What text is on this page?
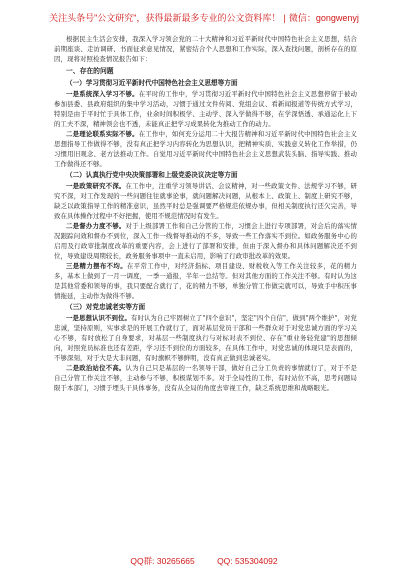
关注头条号"公文研究"，获得最新最多专业的公文资料库！ | 微信：gongwenyj

根据民主生活会安排，我深入学习领会党的二十大精神和习近平新时代中国特色社会主义思想，结合前期座谈、走访调研、书面征求意见情况，紧密结合个人思想和工作实际，深入查找问题，剖析存在的原因，现将对照检查情况报告如下：

一、存在的问题
（一）学习贯彻习近平新时代中国特色社会主义思想等方面

一是系统深入学习不够。在平时的工作中，学习贯彻习近平新时代中国特色社会主义思想停留于被动参加县委、县政府组织的集中学习活动，习惯于通过文件传阅、党组会议、看新闻报道等传统方式学习，特别是由于平时忙于具体工作，业余时间积极学、主动学、深入学做得不够，在学深悟透、承通运化上下的工夫不深，精神领会也不透，未能真正把学习成果转化为推动工作的动力。

二是理论联系实际不够。在工作中，如何充分运用二十大报告精神和习近平新时代中国特色社会主义思想指导工作做得不够，没有真正把学习内容转化为思想认识，把精神实质、实践意义转化工作举措，仍习惯用旧观念、老方法推动工作。自觉用习近平新时代中国特色社会主义思想武装头脑、指导实践、推动工作做得还不够。

（二）认真执行党中央决策部署和上级党委决议决定等方面

一是政策研究不深。在工作中，注重学习领导讲话、会议精神，对一些政策文件、法规学习不够，研究不深，对工作发现的一些问题往往就事论事，就问题解决问题，从根本上、政策上、制度上研究不够，缺乏以政策指导工作的精准意识，虽然平时总是强调要严格规范依规办事，但相关制度执行还欠完善，导致在具体操作过程中不好把握，使用不规范情况时有发生。

二是督办力度不够。对于上级部署工作和自己分管的工作，习惯会上进行专项部署，对会后的落实情况跟踪问效和督办不到位，深入工作一线督导推动的不多，导致一些工作落实不到位。如政务服务中心的启用及行政审批制度改革的重要内容，会上进行了部署和安排，但由于深入督办和具体问题解决还不到位，导致建设周期较长，政务服务事项中一直未启用，影响了行政审批改革的效果。

三是精力摆布不均。在平常工作中，对经济指标、项目建设、财税收入等工作关注较多，花的精力多，基本上做到了一月一调度，一季一通报，半年一总结等。但对其他方面的工作关注不够。有时认为这是其他常委和领导的事，我只要配合就行了，花的精力不够，单独分管工作做完就可以，导致手中积压事情拖延，主动作为做得不够。

（三）对党忠诚老实等方面

一是思想认识不到位。有时认为自己牢固树立了"四个意识"，坚定"四个自信"，做到"两个维护"，对党忠诚，坚持原则，实事求是的开展工作就行了，面对基层党员干部和一些群众对于对党忠诚方面的学习关心不够，有时放松了自身要求，对基层一些制度执行与对标对表不到位、存在"重业务轻党建"的思想倾向，对照党员标准也还有差距，学习还不到位的方面较多，在具体工作中，对党忠诚的体现只是表面的，不够深刻，对于大是大非问题，有时旗帜不够鲜明，没有真正做到忠诚老实。

二是政治站位不高。认为自己只是基层的一名领导干部，做好自己分工负责的事情就行了，对于不是自己分管工作关注不够，主动参与不够，积极谋划不多。对于全局性的工作，有时站位不高，思考问题局限于本部门，习惯于埋头干具体事务，没有从全局的角度去审视工作，缺乏系统思维和战略眼光。

QQ群: 30265665	QQ: 535304092
